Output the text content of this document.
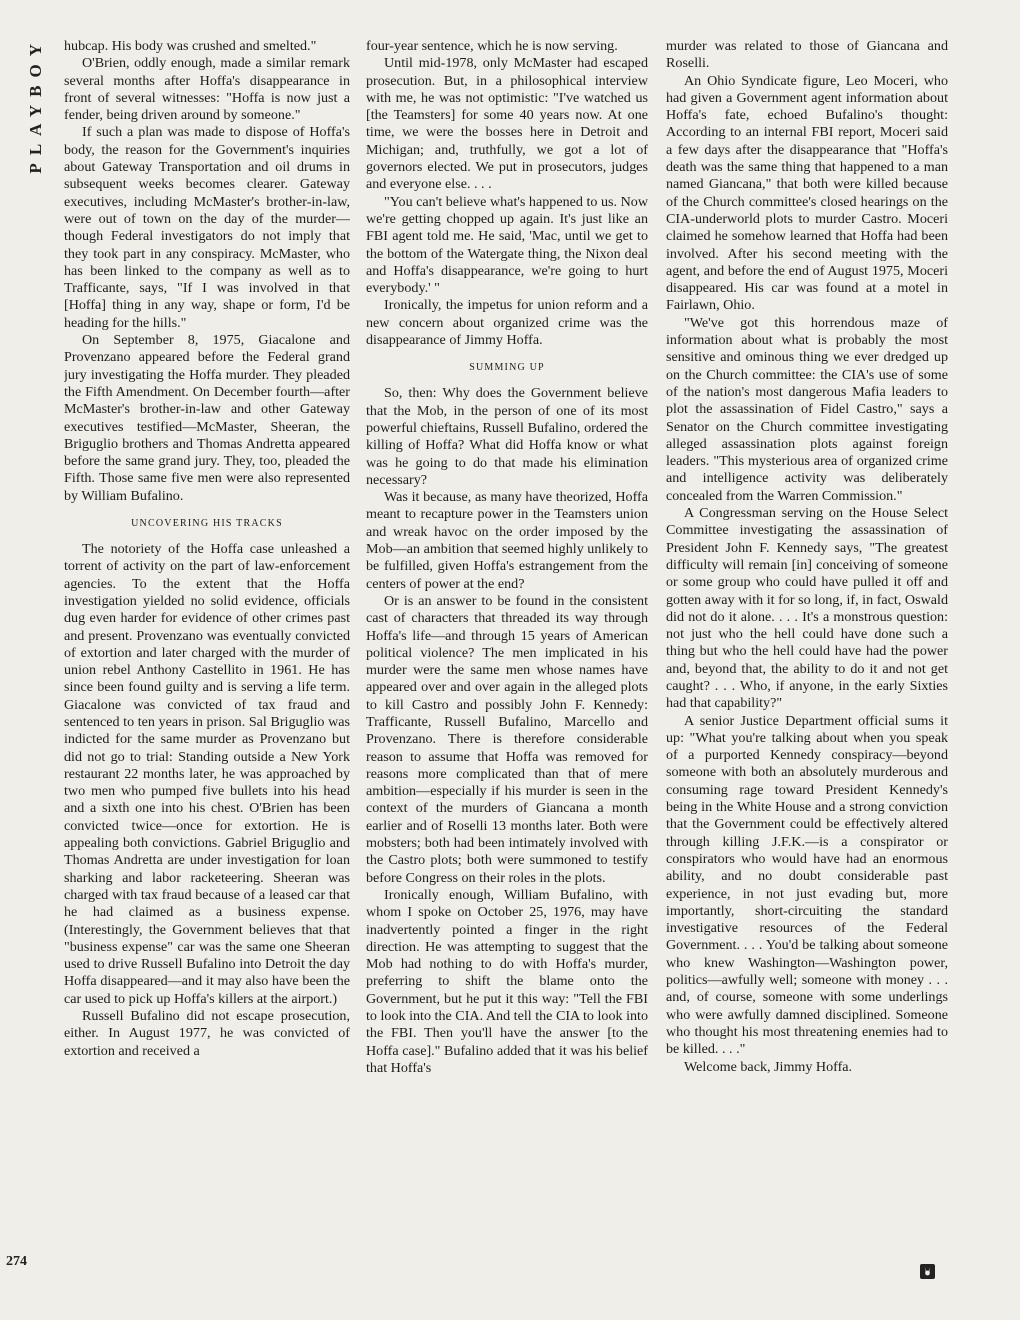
PLAYBOY hubcap. His body was crushed and smelted."

O'Brien, oddly enough, made a similar remark several months after Hoffa's disappearance in front of several witnesses: "Hoffa is now just a fender, being driven around by someone."

If such a plan was made to dispose of Hoffa's body, the reason for the Government's inquiries about Gateway Transportation and oil drums in subsequent weeks becomes clearer. Gateway executives, including McMaster's brother-in-law, were out of town on the day of the murder—though Federal investigators do not imply that they took part in any conspiracy. McMaster, who has been linked to the company as well as to Trafficante, says, "If I was involved in that [Hoffa] thing in any way, shape or form, I'd be heading for the hills."

On September 8, 1975, Giacalone and Provenzano appeared before the Federal grand jury investigating the Hoffa murder. They pleaded the Fifth Amendment. On December fourth—after McMaster's brother-in-law and other Gateway executives testified—McMaster, Sheeran, the Briguglio brothers and Thomas Andretta appeared before the same grand jury. They, too, pleaded the Fifth. Those same five men were also represented by William Bufalino.

UNCOVERING HIS TRACKS

The notoriety of the Hoffa case unleashed a torrent of activity on the part of law-enforcement agencies. To the extent that the Hoffa investigation yielded no solid evidence, officials dug even harder for evidence of other crimes past and present. Provenzano was eventually convicted of extortion and later charged with the murder of union rebel Anthony Castellito in 1961. He has since been found guilty and is serving a life term. Giacalone was convicted of tax fraud and sentenced to ten years in prison. Sal Briguglio was indicted for the same murder as Provenzano but did not go to trial: Standing outside a New York restaurant 22 months later, he was approached by two men who pumped five bullets into his head and a sixth one into his chest. O'Brien has been convicted twice—once for extortion. He is appealing both convictions. Gabriel Briguglio and Thomas Andretta are under investigation for loan sharking and labor racketeering. Sheeran was charged with tax fraud because of a leased car that he had claimed as a business expense. (Interestingly, the Government believes that that "business expense" car was the same one Sheeran used to drive Russell Bufalino into Detroit the day Hoffa disappeared—and it may also have been the car used to pick up Hoffa's killers at the airport.)

Russell Bufalino did not escape prosecution, either. In August 1977, he was convicted of extortion and received a

four-year sentence, which he is now serving.

Until mid-1978, only McMaster had escaped prosecution. But, in a philosophical interview with me, he was not optimistic: "I've watched us [the Teamsters] for some 40 years now. At one time, we were the bosses here in Detroit and Michigan; and, truthfully, we got a lot of governors elected. We put in prosecutors, judges and everyone else. . . .

"You can't believe what's happened to us. Now we're getting chopped up again. It's just like an FBI agent told me. He said, 'Mac, until we get to the bottom of the Watergate thing, the Nixon deal and Hoffa's disappearance, we're going to hurt everybody.' "

Ironically, the impetus for union reform and a new concern about organized crime was the disappearance of Jimmy Hoffa.

SUMMING UP

So, then: Why does the Government believe that the Mob, in the person of one of its most powerful chieftains, Russell Bufalino, ordered the killing of Hoffa? What did Hoffa know or what was he going to do that made his elimination necessary?

Was it because, as many have theorized, Hoffa meant to recapture power in the Teamsters union and wreak havoc on the order imposed by the Mob—an ambition that seemed highly unlikely to be fulfilled, given Hoffa's estrangement from the centers of power at the end?

Or is an answer to be found in the consistent cast of characters that threaded its way through Hoffa's life—and through 15 years of American political violence? The men implicated in his murder were the same men whose names have appeared over and over again in the alleged plots to kill Castro and possibly John F. Kennedy: Trafficante, Russell Bufalino, Marcello and Provenzano. There is therefore considerable reason to assume that Hoffa was removed for reasons more complicated than that of mere ambition—especially if his murder is seen in the context of the murders of Giancana a month earlier and of Roselli 13 months later. Both were mobsters; both had been intimately involved with the Castro plots; both were summoned to testify before Congress on their roles in the plots.

Ironically enough, William Bufalino, with whom I spoke on October 25, 1976, may have inadvertently pointed a finger in the right direction. He was attempting to suggest that the Mob had nothing to do with Hoffa's murder, preferring to shift the blame onto the Government, but he put it this way: "Tell the FBI to look into the CIA. And tell the CIA to look into the FBI. Then you'll have the answer [to the Hoffa case]." Bufalino added that it was his belief that Hoffa's

murder was related to those of Giancana and Roselli.

An Ohio Syndicate figure, Leo Moceri, who had given a Government agent information about Hoffa's fate, echoed Bufalino's thought: According to an internal FBI report, Moceri said a few days after the disappearance that "Hoffa's death was the same thing that happened to a man named Giancana," that both were killed because of the Church committee's closed hearings on the CIA-underworld plots to murder Castro. Moceri claimed he somehow learned that Hoffa had been involved. After his second meeting with the agent, and before the end of August 1975, Moceri disappeared. His car was found at a motel in Fairlawn, Ohio.

"We've got this horrendous maze of information about what is probably the most sensitive and ominous thing we ever dredged up on the Church committee: the CIA's use of some of the nation's most dangerous Mafia leaders to plot the assassination of Fidel Castro," says a Senator on the Church committee investigating alleged assassination plots against foreign leaders. "This mysterious area of organized crime and intelligence activity was deliberately concealed from the Warren Commission."

A Congressman serving on the House Select Committee investigating the assassination of President John F. Kennedy says, "The greatest difficulty will remain [in] conceiving of someone or some group who could have pulled it off and gotten away with it for so long, if, in fact, Oswald did not do it alone. . . . It's a monstrous question: not just who the hell could have done such a thing but who the hell could have had the power and, beyond that, the ability to do it and not get caught? . . . Who, if anyone, in the early Sixties had that capability?"

A senior Justice Department official sums it up: "What you're talking about when you speak of a purported Kennedy conspiracy—beyond someone with both an absolutely murderous and consuming rage toward President Kennedy's being in the White House and a strong conviction that the Government could be effectively altered through killing J.F.K.—is a conspirator or conspirators who would have had an enormous ability, and no doubt considerable past experience, in not just evading but, more importantly, short-circuiting the standard investigative resources of the Federal Government. . . . You'd be talking about someone who knew Washington—Washington power, politics—awfully well; someone with money . . . and, of course, someone with some underlings who were awfully damned disciplined. Someone who thought his most threatening enemies had to be killed. . . ."

Welcome back, Jimmy Hoffa.

274
